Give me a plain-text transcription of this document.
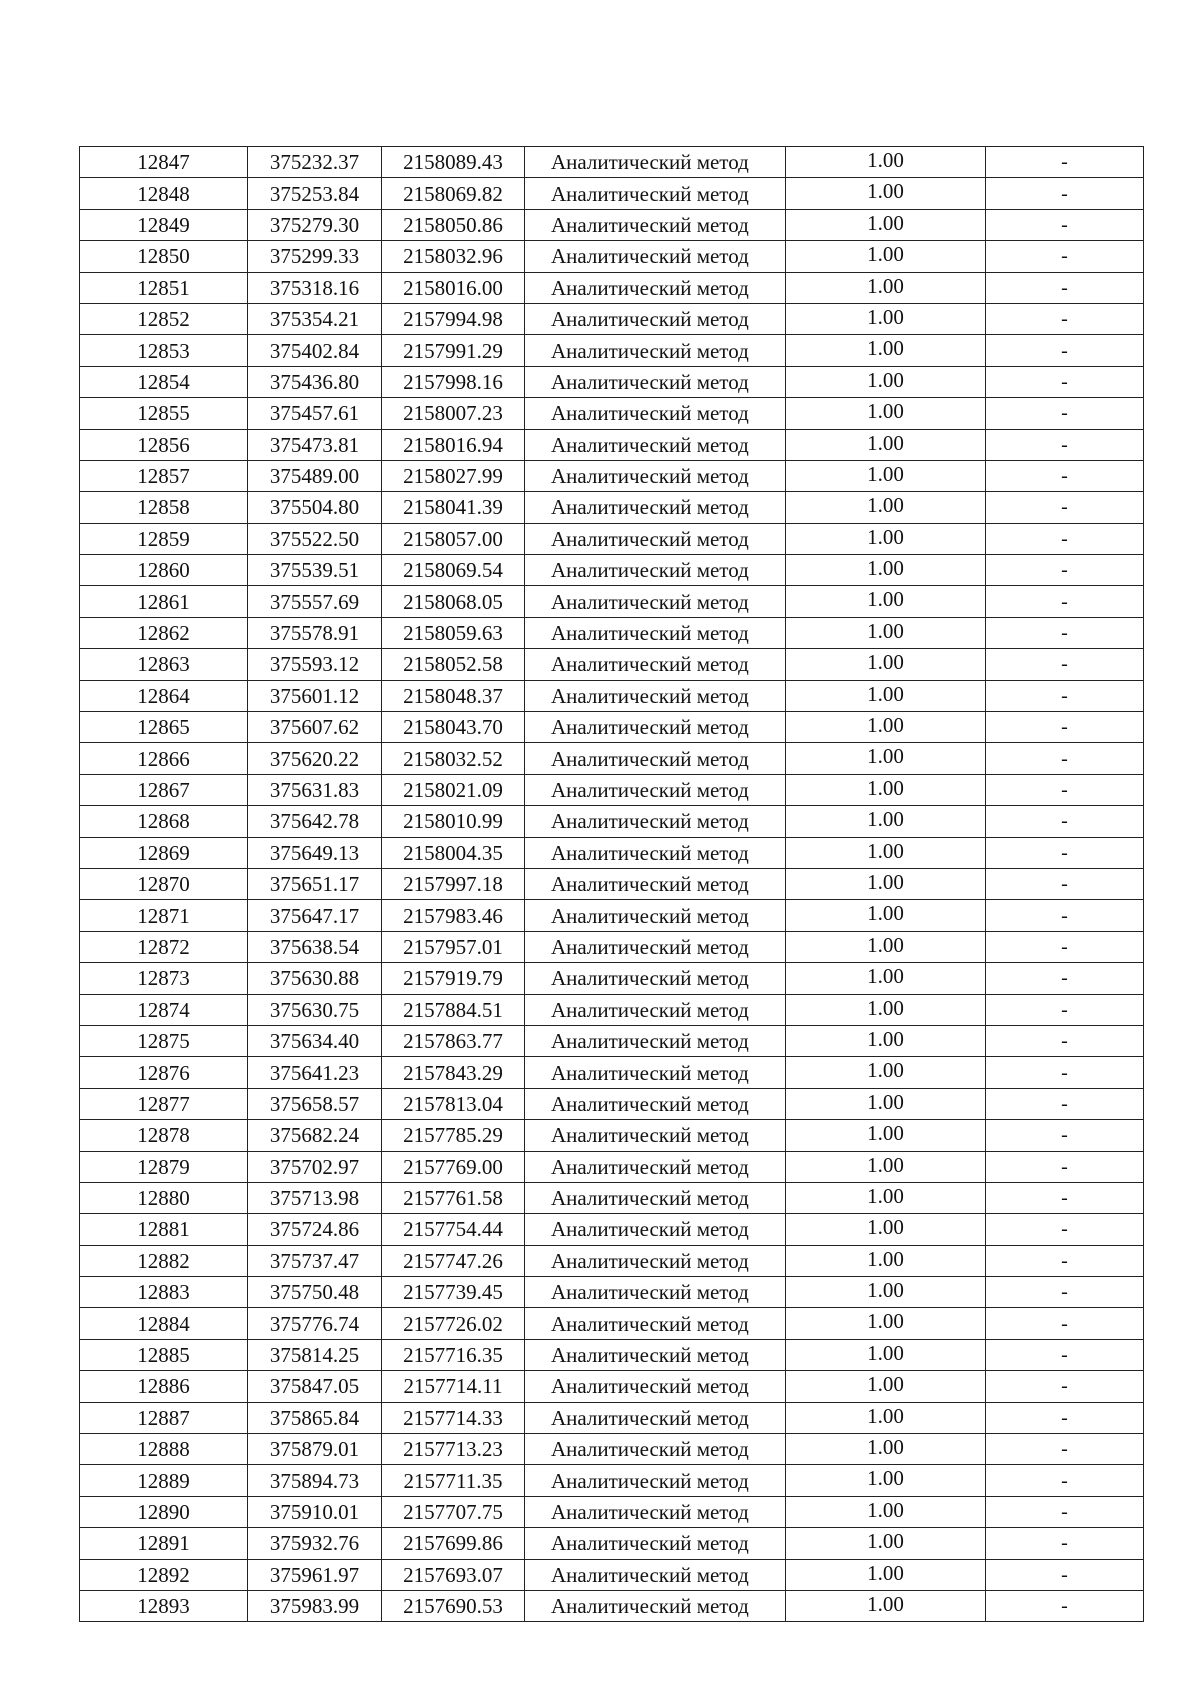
12847	375232.37	2158089.43	Аналитический метод	1.00	-
12848	375253.84	2158069.82	Аналитический метод	1.00	-
12849	375279.30	2158050.86	Аналитический метод	1.00	-
12850	375299.33	2158032.96	Аналитический метод	1.00	-
12851	375318.16	2158016.00	Аналитический метод	1.00	-
12852	375354.21	2157994.98	Аналитический метод	1.00	-
12853	375402.84	2157991.29	Аналитический метод	1.00	-
12854	375436.80	2157998.16	Аналитический метод	1.00	-
12855	375457.61	2158007.23	Аналитический метод	1.00	-
12856	375473.81	2158016.94	Аналитический метод	1.00	-
12857	375489.00	2158027.99	Аналитический метод	1.00	-
12858	375504.80	2158041.39	Аналитический метод	1.00	-
12859	375522.50	2158057.00	Аналитический метод	1.00	-
12860	375539.51	2158069.54	Аналитический метод	1.00	-
12861	375557.69	2158068.05	Аналитический метод	1.00	-
12862	375578.91	2158059.63	Аналитический метод	1.00	-
12863	375593.12	2158052.58	Аналитический метод	1.00	-
12864	375601.12	2158048.37	Аналитический метод	1.00	-
12865	375607.62	2158043.70	Аналитический метод	1.00	-
12866	375620.22	2158032.52	Аналитический метод	1.00	-
12867	375631.83	2158021.09	Аналитический метод	1.00	-
12868	375642.78	2158010.99	Аналитический метод	1.00	-
12869	375649.13	2158004.35	Аналитический метод	1.00	-
12870	375651.17	2157997.18	Аналитический метод	1.00	-
12871	375647.17	2157983.46	Аналитический метод	1.00	-
12872	375638.54	2157957.01	Аналитический метод	1.00	-
12873	375630.88	2157919.79	Аналитический метод	1.00	-
12874	375630.75	2157884.51	Аналитический метод	1.00	-
12875	375634.40	2157863.77	Аналитический метод	1.00	-
12876	375641.23	2157843.29	Аналитический метод	1.00	-
12877	375658.57	2157813.04	Аналитический метод	1.00	-
12878	375682.24	2157785.29	Аналитический метод	1.00	-
12879	375702.97	2157769.00	Аналитический метод	1.00	-
12880	375713.98	2157761.58	Аналитический метод	1.00	-
12881	375724.86	2157754.44	Аналитический метод	1.00	-
12882	375737.47	2157747.26	Аналитический метод	1.00	-
12883	375750.48	2157739.45	Аналитический метод	1.00	-
12884	375776.74	2157726.02	Аналитический метод	1.00	-
12885	375814.25	2157716.35	Аналитический метод	1.00	-
12886	375847.05	2157714.11	Аналитический метод	1.00	-
12887	375865.84	2157714.33	Аналитический метод	1.00	-
12888	375879.01	2157713.23	Аналитический метод	1.00	-
12889	375894.73	2157711.35	Аналитический метод	1.00	-
12890	375910.01	2157707.75	Аналитический метод	1.00	-
12891	375932.76	2157699.86	Аналитический метод	1.00	-
12892	375961.97	2157693.07	Аналитический метод	1.00	-
12893	375983.99	2157690.53	Аналитический метод	1.00	-
